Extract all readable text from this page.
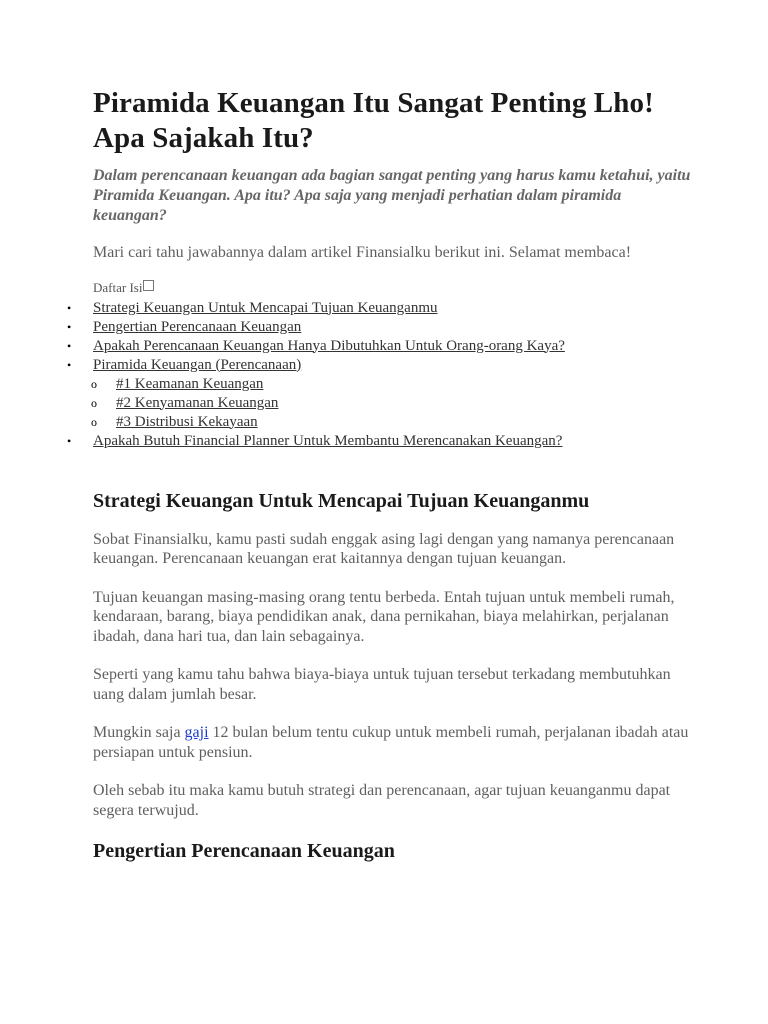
Piramida Keuangan Itu Sangat Penting Lho! Apa Sajakah Itu?

Dalam perencanaan keuangan ada bagian sangat penting yang harus kamu ketahui, yaitu Piramida Keuangan. Apa itu? Apa saja yang menjadi perhatian dalam piramida keuangan?

Mari cari tahu jawabannya dalam artikel Finansialku berikut ini. Selamat membaca!

Daftar Isi
• Strategi Keuangan Untuk Mencapai Tujuan Keuanganmu
• Pengertian Perencanaan Keuangan
• Apakah Perencanaan Keuangan Hanya Dibutuhkan Untuk Orang-orang Kaya?
• Piramida Keuangan (Perencanaan)
o #1 Keamanan Keuangan
o #2 Kenyamanan Keuangan
o #3 Distribusi Kekayaan
• Apakah Butuh Financial Planner Untuk Membantu Merencanakan Keuangan?
Strategi Keuangan Untuk Mencapai Tujuan Keuanganmu

Sobat Finansialku, kamu pasti sudah enggak asing lagi dengan yang namanya perencanaan keuangan. Perencanaan keuangan erat kaitannya dengan tujuan keuangan.

Tujuan keuangan masing-masing orang tentu berbeda. Entah tujuan untuk membeli rumah, kendaraan, barang, biaya pendidikan anak, dana pernikahan, biaya melahirkan, perjalanan ibadah, dana hari tua, dan lain sebagainya.

Seperti yang kamu tahu bahwa biaya-biaya untuk tujuan tersebut terkadang membutuhkan uang dalam jumlah besar.

Mungkin saja gaji 12 bulan belum tentu cukup untuk membeli rumah, perjalanan ibadah atau persiapan untuk pensiun.

Oleh sebab itu maka kamu butuh strategi dan perencanaan, agar tujuan keuanganmu dapat segera terwujud.

Pengertian Perencanaan Keuangan
